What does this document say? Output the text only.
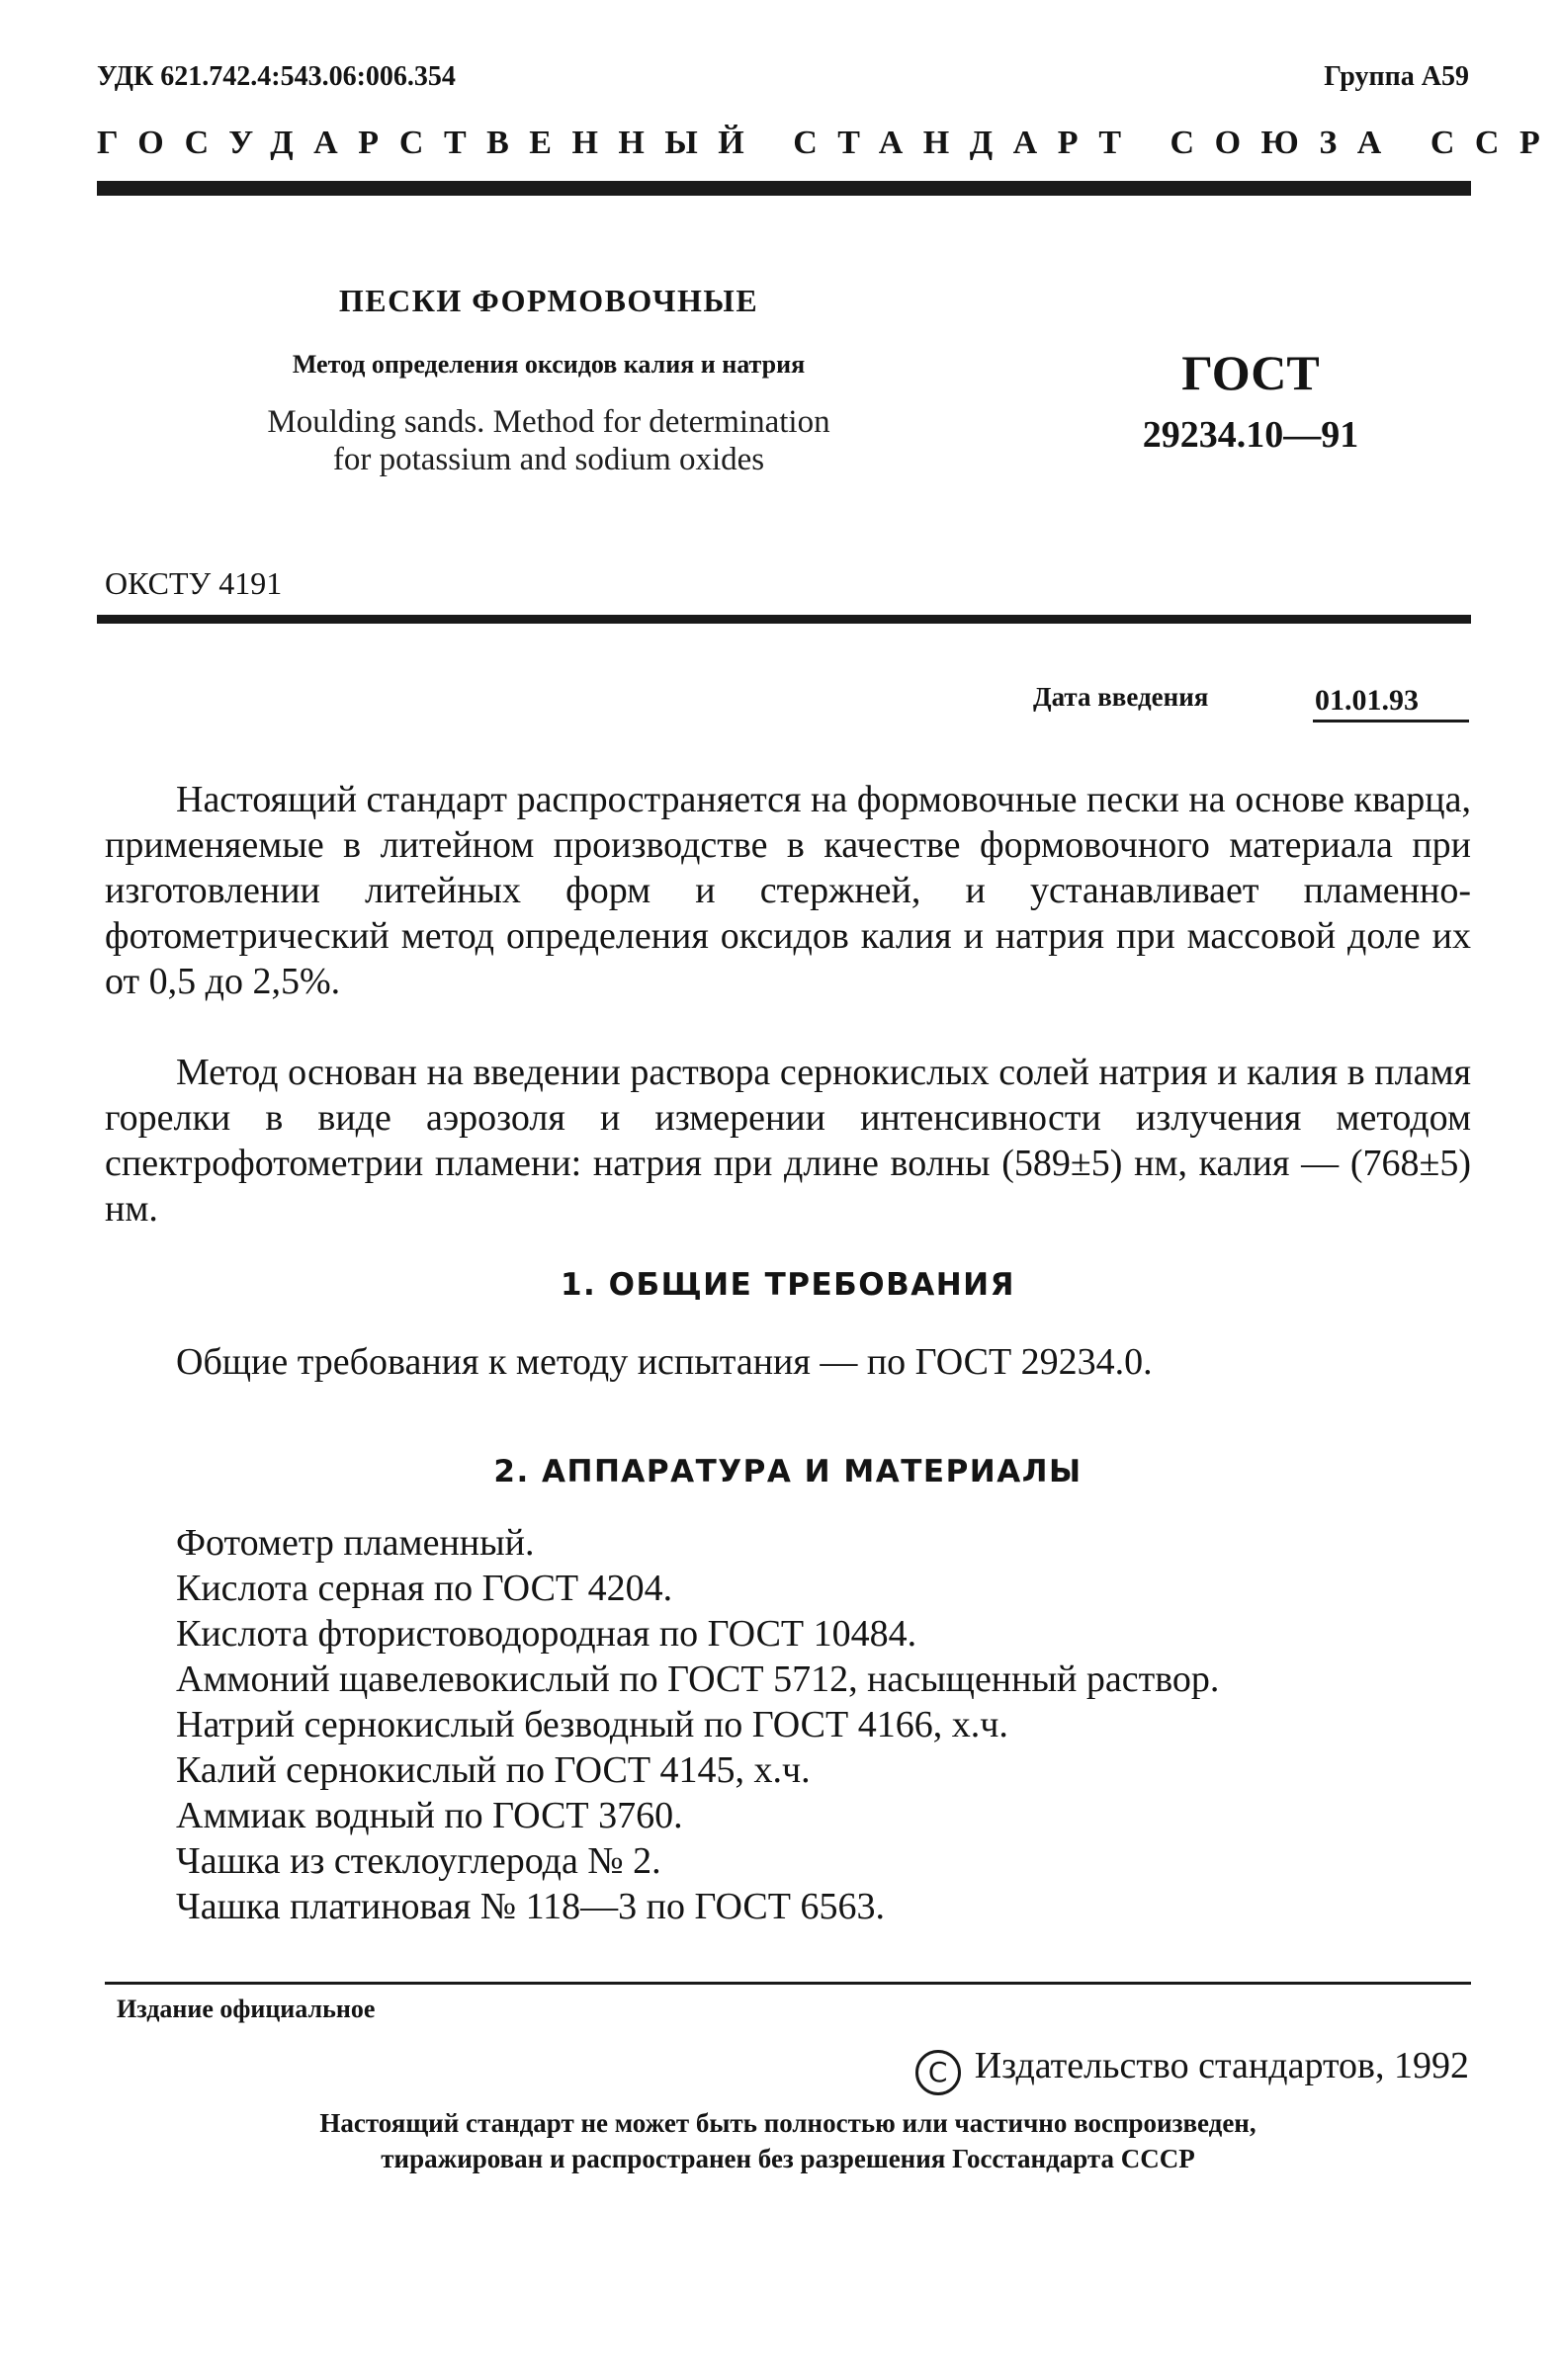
УДК 621.742.4:543.06:006.354	Группа А59
ГОСУДАРСТВЕННЫЙ СТАНДАРТ СОЮЗА ССР
ПЕСКИ ФОРМОВОЧНЫЕ
Метод определения оксидов калия и натрия
Moulding sands. Method for determination
for potassium and sodium oxides
ГОСТ
29234.10—91
ОКСТУ 4191
Дата введения	01.01.93

Настоящий стандарт распространяется на формовочные пески на основе кварца, применяемые в литейном производстве в качестве формовочного материала при изготовлении литейных форм и стержней, и устанавливает пламенно-фотометрический метод определения оксидов калия и натрия при массовой доле их от 0,5 до 2,5%.

Метод основан на введении раствора сернокислых солей натрия и калия в пламя горелки в виде аэрозоля и измерении интенсивности излучения методом спектрофотометрии пламени: натрия при длине волны (589±5) нм, калия — (768±5) нм.

1. ОБЩИЕ ТРЕБОВАНИЯ
Общие требования к методу испытания — по ГОСТ 29234.0.
2. АППАРАТУРА И МАТЕРИАЛЫ
Фотометр пламенный.
Кислота серная по ГОСТ 4204.
Кислота фтористоводородная по ГОСТ 10484.
Аммоний щавелевокислый по ГОСТ 5712, насыщенный раствор.
Натрий сернокислый безводный по ГОСТ 4166, х.ч.
Калий сернокислый по ГОСТ 4145, х.ч.
Аммиак водный по ГОСТ 3760.
Чашка из стеклоуглерода № 2.
Чашка платиновая № 118—3 по ГОСТ 6563.
Издание официальное
C Издательство стандартов, 1992
Настоящий стандарт не может быть полностью или частично воспроизведен,
тиражирован и распространен без разрешения Госстандарта СССР
